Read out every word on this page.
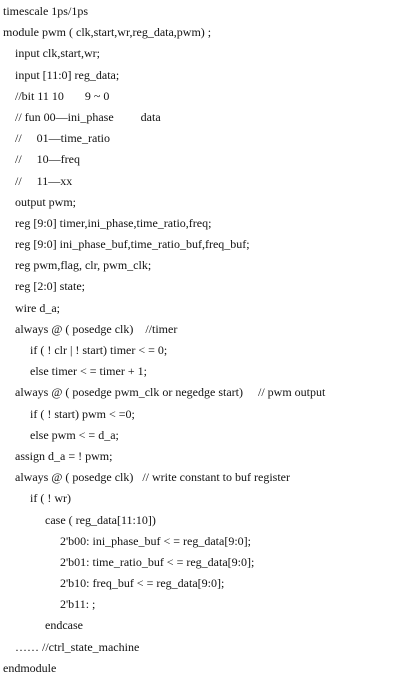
timescale 1ps/1ps
module pwm ( clk,start,wr,reg_data,pwm) ;
input clk,start,wr;
input [11:0] reg_data;
//bit 11 10       9 ~ 0
// fun 00—ini_phase         data
//     01—time_ratio
//     10—freq
//     11—xx
output pwm;
reg [9:0] timer,ini_phase,time_ratio,freq;
reg [9:0] ini_phase_buf,time_ratio_buf,freq_buf;
reg pwm,flag, clr, pwm_clk;
reg [2:0] state;
wire d_a;
always @ ( posedge clk)    //timer
if ( ! clr | ! start) timer < = 0;
else timer < = timer + 1;
always @ ( posedge pwm_clk or negedge start)     // pwm output
if ( ! start) pwm < =0;
else pwm < = d_a;
assign d_a = ! pwm;
always @ ( posedge clk)   // write constant to buf register
if ( ! wr)
case ( reg_data[11:10])
2'b00: ini_phase_buf < = reg_data[9:0];
2'b01: time_ratio_buf < = reg_data[9:0];
2'b10: freq_buf < = reg_data[9:0];
2'b11: ;
endcase
…… //ctrl_state_machine
endmodule
